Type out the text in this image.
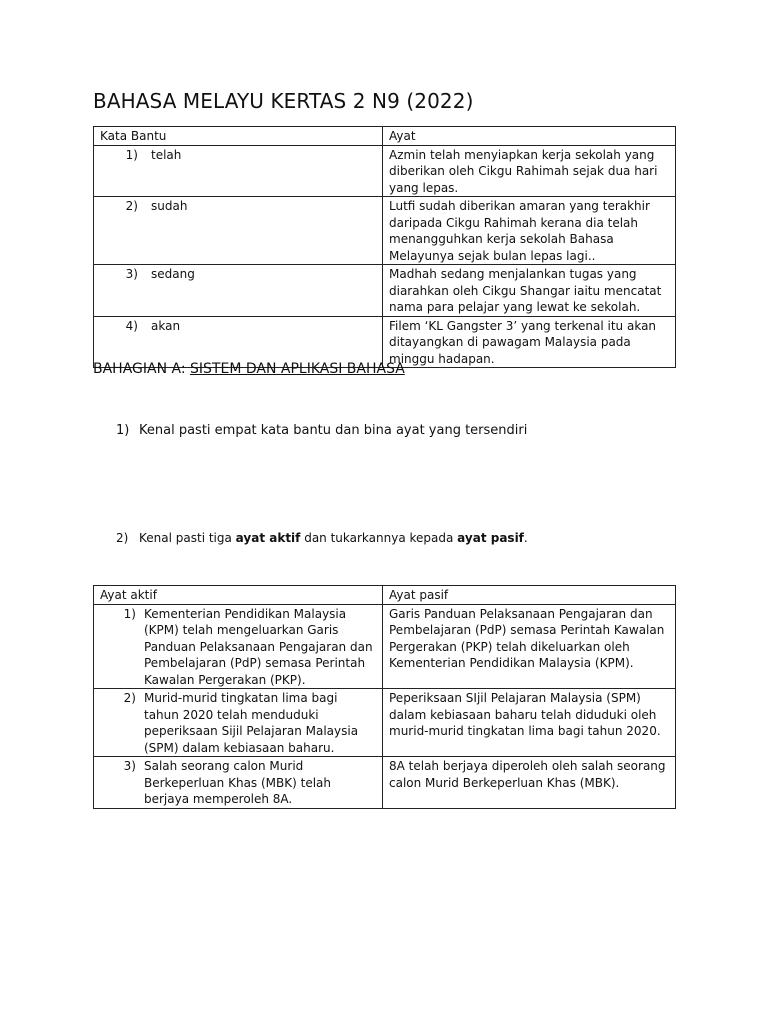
BAHASA MELAYU KERTAS 2 N9 (2022)
Kata Bantu	Ayat

1) telah	Azmin telah menyiapkan kerja sekolah yang diberikan oleh Cikgu Rahimah sejak dua hari yang lepas.

2) sudah	Lutfi sudah diberikan amaran yang terakhir daripada Cikgu Rahimah kerana dia telah menangguhkan kerja sekolah Bahasa Melayunya sejak bulan lepas lagi..

3) sedang	Madhah sedang menjalankan tugas yang diarahkan oleh Cikgu Shangar iaitu mencatat nama para pelajar yang lewat ke sekolah.

4) akan	Filem ‘KL Gangster 3’ yang terkenal itu akan ditayangkan di pawagam Malaysia pada minggu hadapan.
BAHAGIAN A: SISTEM DAN APLIKASI BAHASA
1) Kenal pasti empat kata bantu dan bina ayat yang tersendiri
2) Kenal pasti tiga ayat aktif dan tukarkannya kepada ayat pasif.
Ayat aktif	Ayat pasif

1) Kementerian Pendidikan Malaysia (KPM) telah mengeluarkan Garis Panduan Pelaksanaan Pengajaran dan Pembelajaran (PdP) semasa Perintah Kawalan Pergerakan (PKP).	Garis Panduan Pelaksanaan Pengajaran dan Pembelajaran (PdP) semasa Perintah Kawalan Pergerakan (PKP) telah dikeluarkan oleh Kementerian Pendidikan Malaysia (KPM).

2) Murid-murid tingkatan lima bagi tahun 2020 telah menduduki peperiksaan Sijil Pelajaran Malaysia (SPM) dalam kebiasaan baharu.	Peperiksaan SIjil Pelajaran Malaysia (SPM) dalam kebiasaan baharu telah diduduki oleh murid-murid tingkatan lima bagi tahun 2020.

3) Salah seorang calon Murid Berkeperluan Khas (MBK) telah berjaya memperoleh 8A.	8A telah berjaya diperoleh oleh salah seorang calon Murid Berkeperluan Khas (MBK).
